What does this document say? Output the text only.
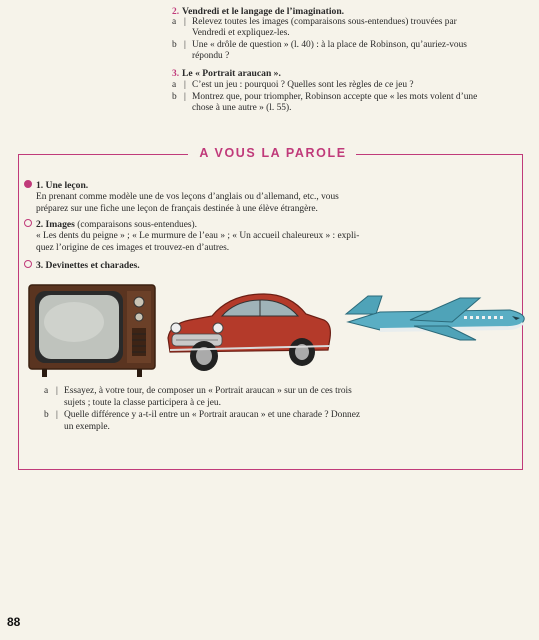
2. Vendredi et le langage de l’imagination.
a | Relevez toutes les images (comparaisons sous-entendues) trouvées par
Vendredi et expliquez-les.
b | Une « drôle de question » (l. 40) : à la place de Robinson, qu’auriez-vous
répondu ?
3. Le « Portrait araucan ».
a | C’est un jeu : pourquoi ? Quelles sont les règles de ce jeu ?
b | Montrez que, pour triompher, Robinson accepte que « les mots volent d’une
chose à une autre » (l. 55).
A VOUS LA PAROLE
1. Une leçon.
En prenant comme modèle une de vos leçons d’anglais ou d’allemand, etc., vous
préparez sur une fiche une leçon de français destinée à une élève étrangère.
2. Images (comparaisons sous-entendues).
« Les dents du peigne » ; « Le murmure de l’eau » ; « Un accueil chaleureux » : expli-
quez l’origine de ces images et trouvez-en d’autres.
3. Devinettes et charades.
a | Essayez, à votre tour, de composer un « Portrait araucan » sur un de ces trois
sujets ; toute la classe participera à ce jeu.
b | Quelle différence y a-t-il entre un « Portrait araucan » et une charade ? Donnez
un exemple.
88
